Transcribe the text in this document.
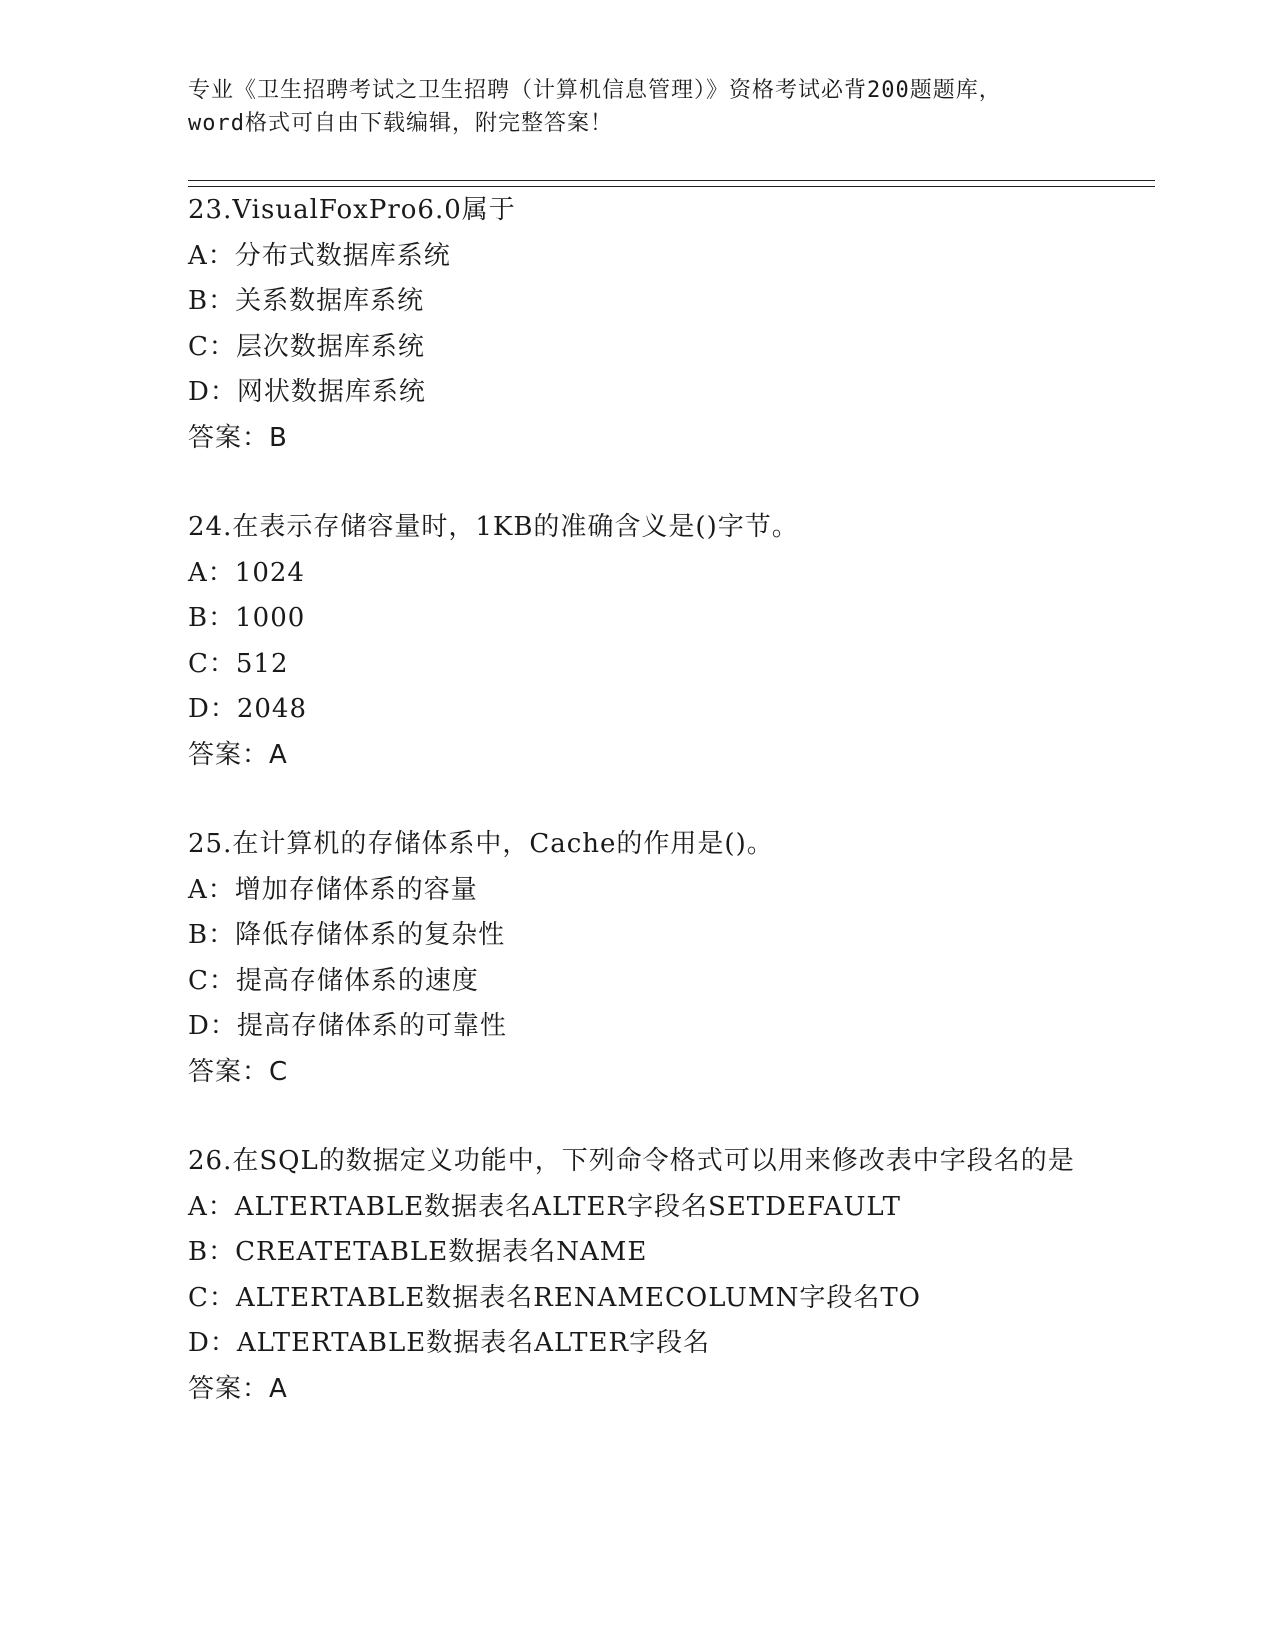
专业《卫生招聘考试之卫生招聘（计算机信息管理）》资格考试必背200题题库，
word格式可自由下载编辑，附完整答案！
23.VisualFoxPro6.0属于
A：分布式数据库系统
B：关系数据库系统
C：层次数据库系统
D：网状数据库系统
答案：B
24.在表示存储容量时，1KB的准确含义是()字节。
A：1024
B：1000
C：512
D：2048
答案：A
25.在计算机的存储体系中，Cache的作用是()。
A：增加存储体系的容量
B：降低存储体系的复杂性
C：提高存储体系的速度
D：提高存储体系的可靠性
答案：C
26.在SQL的数据定义功能中，下列命令格式可以用来修改表中字段名的是
A：ALTERTABLE数据表名ALTER字段名SETDEFAULT
B：CREATETABLE数据表名NAME
C：ALTERTABLE数据表名RENAMECOLUMN字段名TO
D：ALTERTABLE数据表名ALTER字段名
答案：A
